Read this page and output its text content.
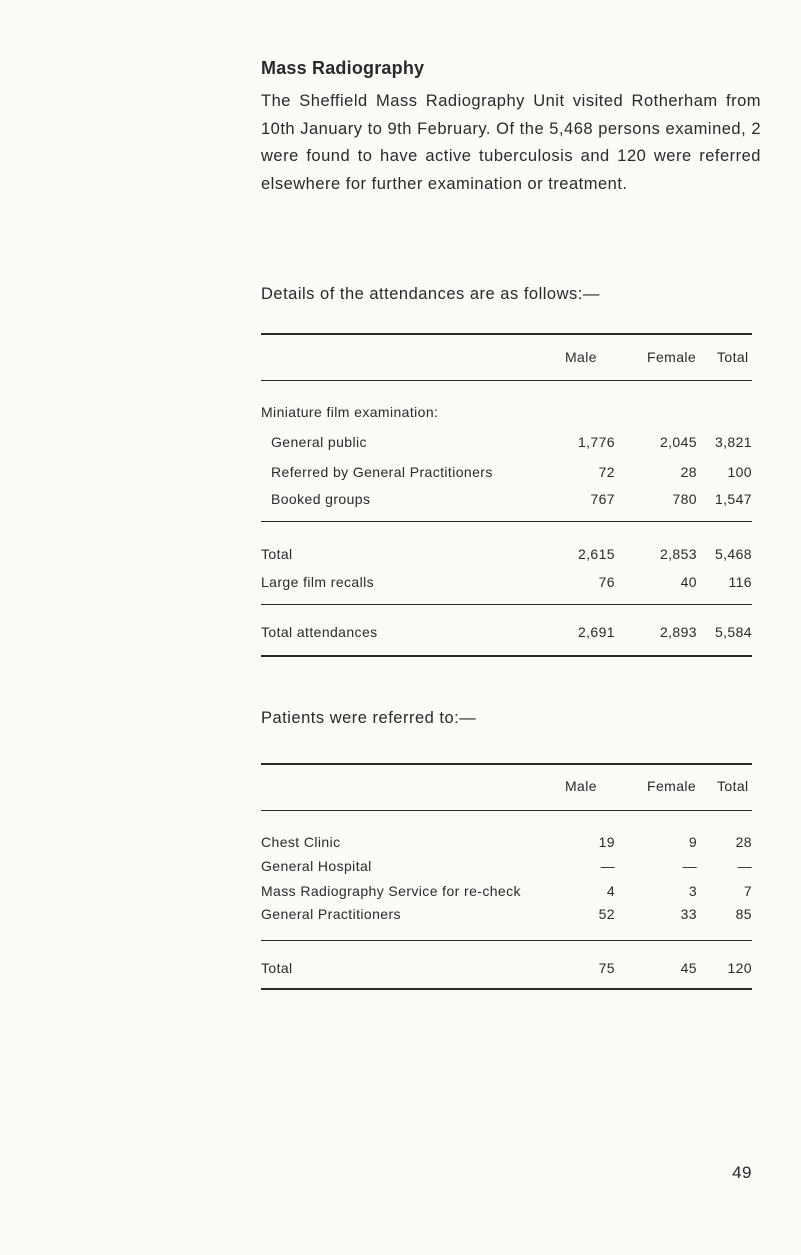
Mass Radiography

The Sheffield Mass Radiography Unit visited Rotherham from 10th January to 9th February. Of the 5,468 persons examined, 2 were found to have active tuberculosis and 120 were referred elsewhere for further examination or treatment.

Details of the attendances are as follows:—
Male	Female Total
Miniature film examination:
General public	1,776	2,045 3,821
Referred by General Practitioners	72	28 100
Booked groups	767	780 1,547
Total	2,615	2,853 5,468
Large film recalls	76	40 116
Total attendances	2,691	2,893 5,584
Patients were referred to:—
Male	Female Total
Chest Clinic	19	9	28
General Hospital	—	—	—
Mass Radiography Service for re-check	4	3	7
General Practitioners	52	33	85
Total	75	45 120
49
